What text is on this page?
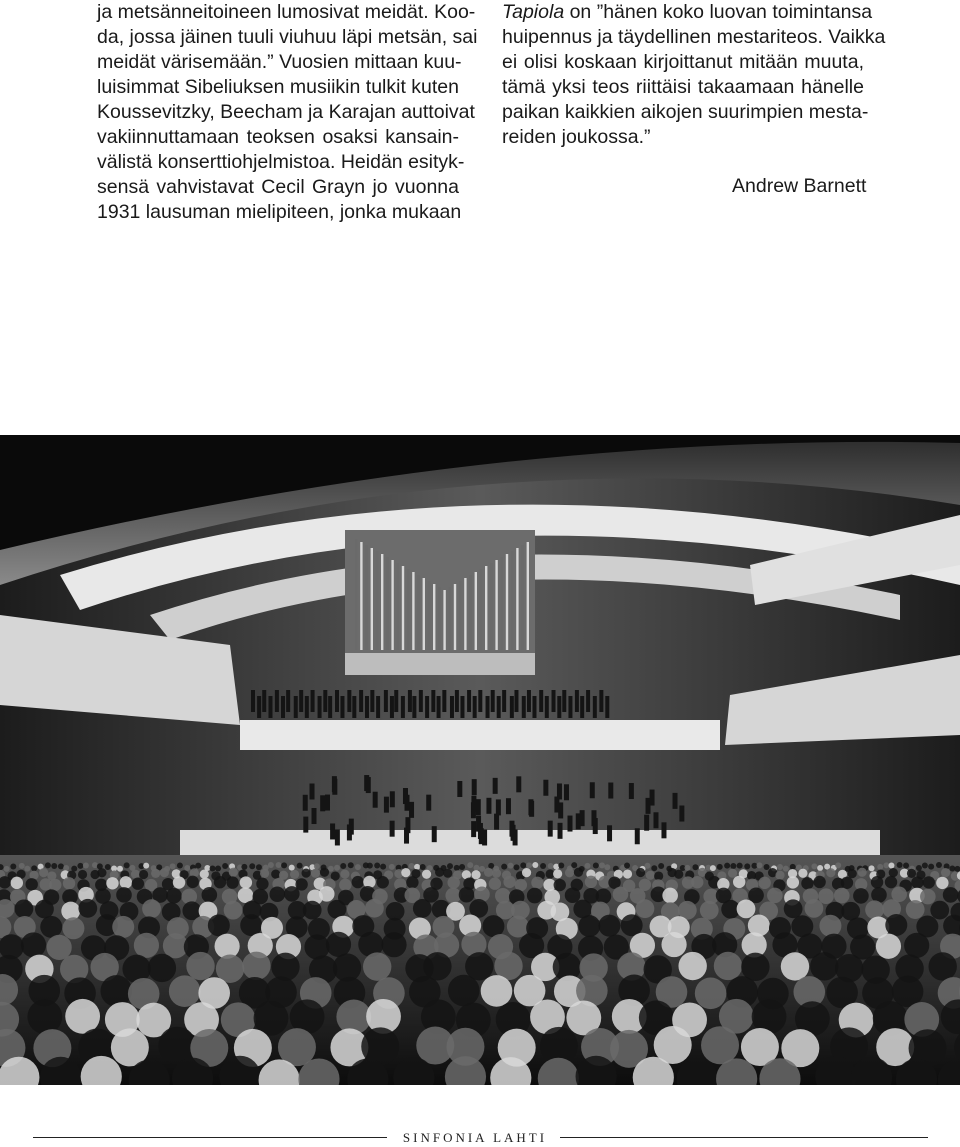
ja metsänneitoineen lumosivat meidät. Koo-
da, jossa jäinen tuuli viuhuu läpi metsän, sai
meidät värisemään.” Vuosien mittaan kuu-
luisimmat Sibeliuksen musiikin tulkit kuten
Koussevitzky, Beecham ja Karajan auttoivat
vakiinnuttamaan teoksen osaksi kansain-
välistä konserttiohjelmistoa. Heidän esityk-
sensä vahvistavat Cecil Grayn jo vuonna
1931 lausuman mielipiteen, jonka mukaan
Tapiola on ”hänen koko luovan toimintansa
huipennus ja täydellinen mestariteos. Vaikka
ei olisi koskaan kirjoittanut mitään muuta,
tämä yksi teos riittäisi takaamaan hänelle
paikan kaikkien aikojen suurimpien mesta-
reiden joukossa.”
Andrew Barnett
SINFONIA LAHTI
